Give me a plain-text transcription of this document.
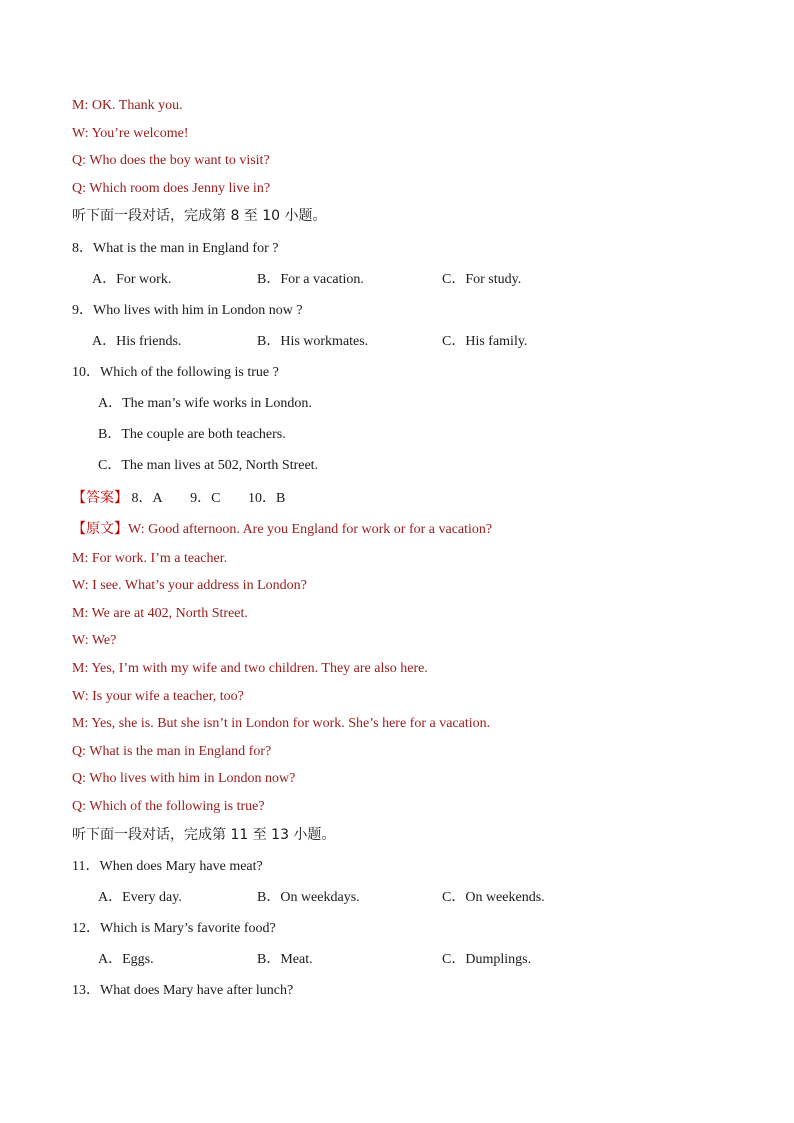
M: OK. Thank you.
W: You’re welcome!
Q: Who does the boy want to visit?
Q: Which room does Jenny live in?
听下面一段对话，完成第 8 至 10 小题。
8．What is the man in England for ?
A．For work.	B．For a vacation.	C．For study.
9．Who lives with him in London now ?
A．His friends.	B．His workmates.	C．His family.
10．Which of the following is true ?
A．The man’s wife works in London.
B．The couple are both teachers.
C．The man lives at 502, North Street.
【答案】 8．A 9．C 10．B
【原文】W: Good afternoon. Are you England for work or for a vacation?
M: For work. I’m a teacher.
W: I see. What’s your address in London?
M: We are at 402, North Street.
W: We?
M: Yes, I’m with my wife and two children. They are also here.
W: Is your wife a teacher, too?
M: Yes, she is. But she isn’t in London for work. She’s here for a vacation.
Q: What is the man in England for?
Q: Who lives with him in London now?
Q: Which of the following is true?
听下面一段对话，完成第 11 至 13 小题。
11．When does Mary have meat?
A．Every day.	B．On weekdays.	C．On weekends.
12．Which is Mary’s favorite food?
A．Eggs.	B．Meat.	C．Dumplings.
13．What does Mary have after lunch?
